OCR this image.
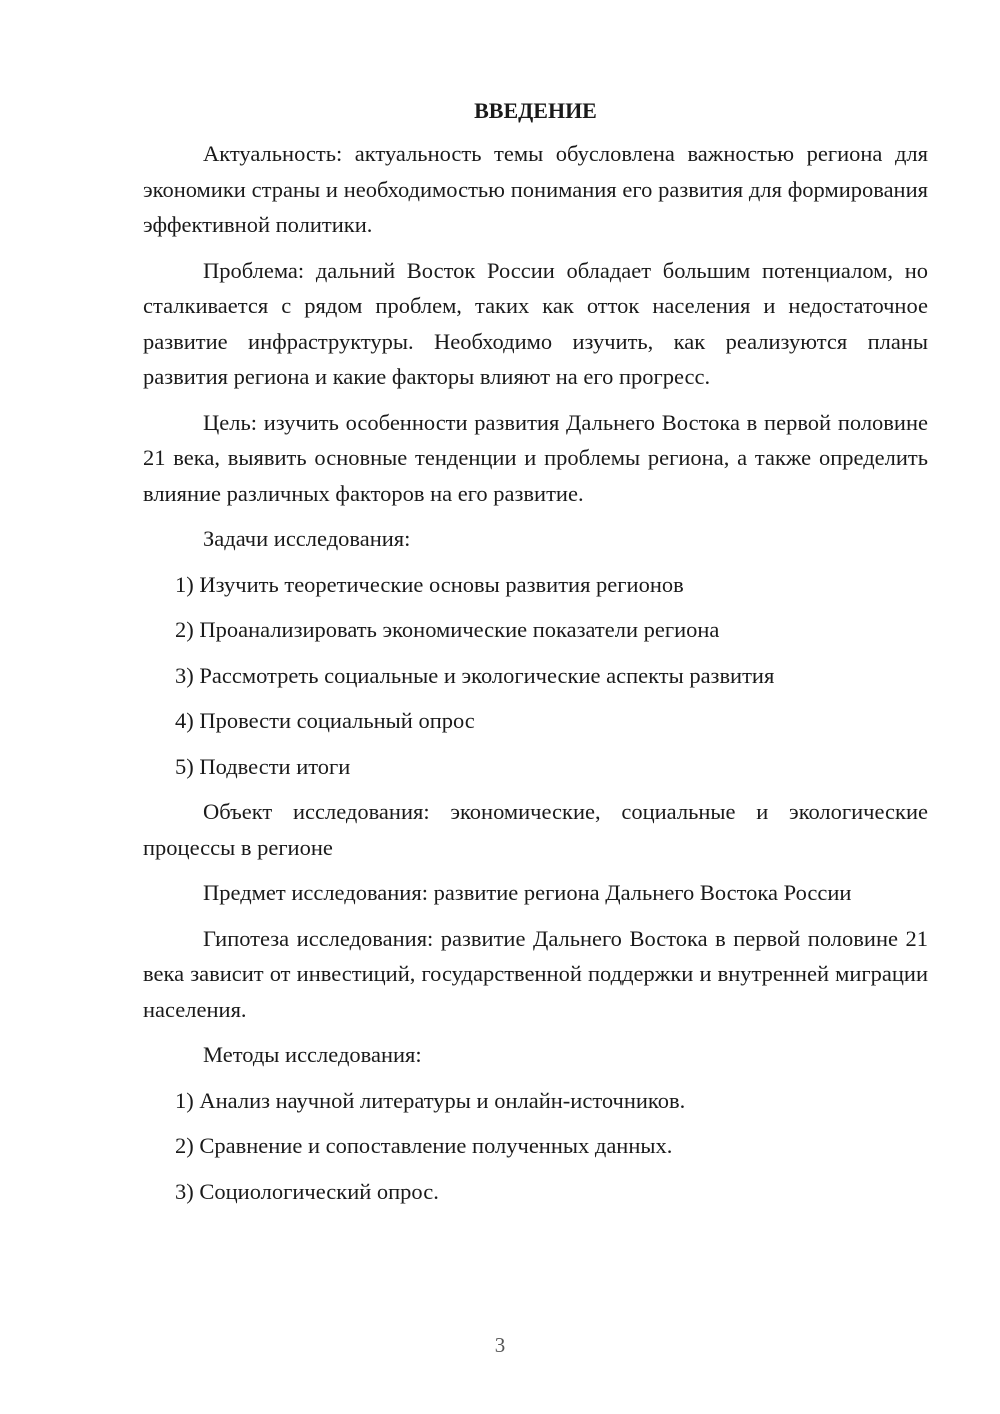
ВВЕДЕНИЕ

Актуальность: актуальность темы обусловлена важностью региона для экономики страны и необходимостью понимания его развития для формирования эффективной политики.

Проблема: дальний Восток России обладает большим потенциалом, но сталкивается с рядом проблем, таких как отток населения и недостаточное развитие инфраструктуры. Необходимо изучить, как реализуются планы развития региона и какие факторы влияют на его прогресс.

Цель: изучить особенности развития Дальнего Востока в первой половине 21 века, выявить основные тенденции и проблемы региона, а также определить влияние различных факторов на его развитие.

Задачи исследования:

1) Изучить теоретические основы развития регионов
2) Проанализировать экономические показатели региона
3) Рассмотреть социальные и экологические аспекты развития
4) Провести социальный опрос
5) Подвести итоги

Объект исследования: экономические, социальные и экологические процессы в регионе

Предмет исследования: развитие региона Дальнего Востока России

Гипотеза исследования: развитие Дальнего Востока в первой половине 21 века зависит от инвестиций, государственной поддержки и внутренней миграции населения.

Методы исследования:

1) Анализ научной литературы и онлайн-источников.
2) Сравнение и сопоставление полученных данных.
3) Социологический опрос.
3
